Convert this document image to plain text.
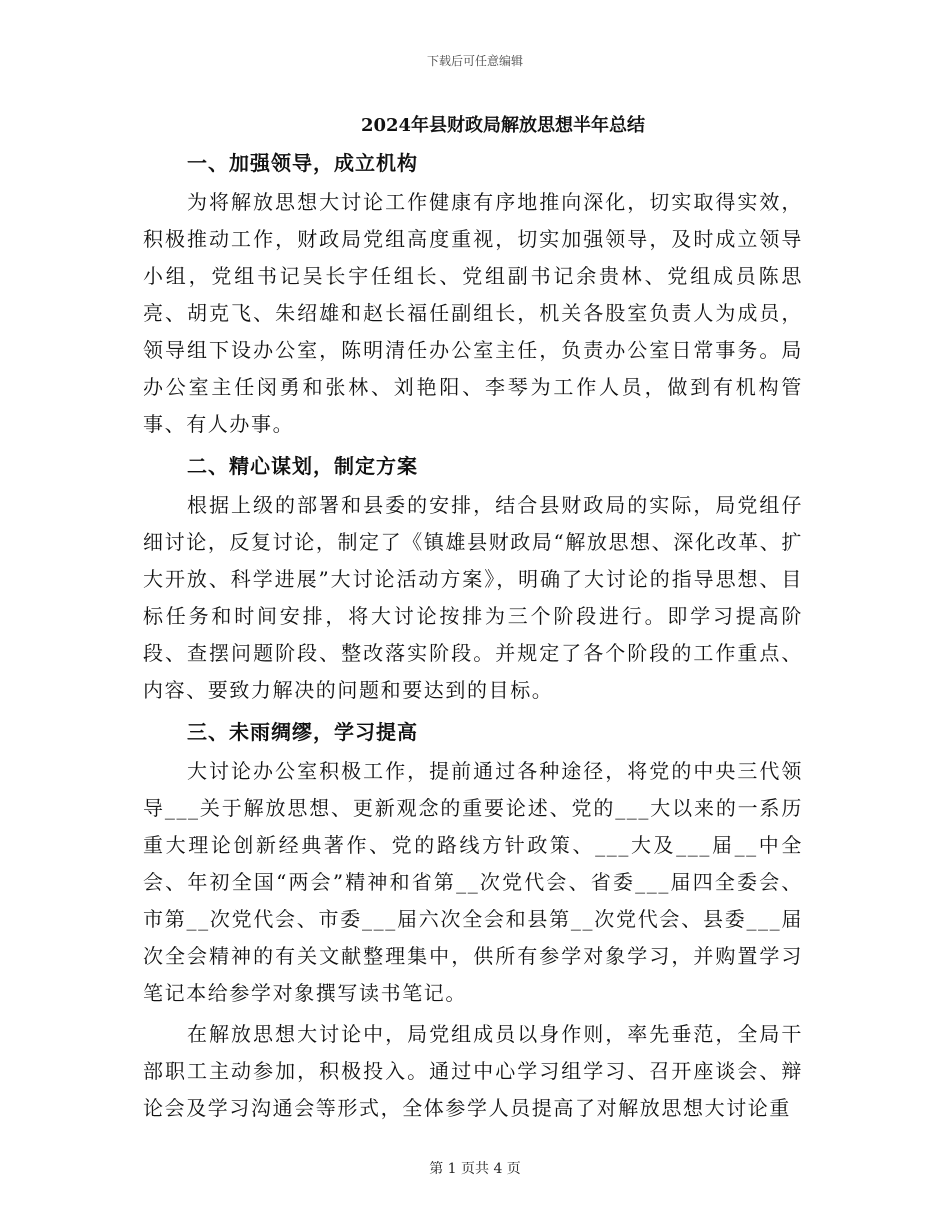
下载后可任意编辑
2024年县财政局解放思想半年总结
一、加强领导，成立机构

为将解放思想大讨论工作健康有序地推向深化，切实取得实效，积极推动工作，财政局党组高度重视，切实加强领导，及时成立领导小组，党组书记吴长宇任组长、党组副书记余贵林、党组成员陈思亮、胡克飞、朱绍雄和赵长福任副组长，机关各股室负责人为成员，领导组下设办公室，陈明清任办公室主任，负责办公室日常事务。局办公室主任闵勇和张林、刘艳阳、李琴为工作人员，做到有机构管事、有人办事。

二、精心谋划，制定方案

根据上级的部署和县委的安排，结合县财政局的实际，局党组仔细讨论，反复讨论，制定了《镇雄县财政局“解放思想、深化改革、扩大开放、科学进展”大讨论活动方案》，明确了大讨论的指导思想、目标任务和时间安排，将大讨论按排为三个阶段进行。即学习提高阶段、查摆问题阶段、整改落实阶段。并规定了各个阶段的工作重点、内容、要致力解决的问题和要达到的目标。

三、未雨绸缪，学习提高

大讨论办公室积极工作，提前通过各种途径，将党的中央三代领导___关于解放思想、更新观念的重要论述、党的___大以来的一系历重大理论创新经典著作、党的路线方针政策、___大及___届__中全会、年初全国“两会”精神和省第__次党代会、省委___届四全委会、市第__次党代会、市委___届六次全会和县第__次党代会、县委___届次全会精神的有关文献整理集中，供所有参学对象学习，并购置学习笔记本给参学对象撰写读书笔记。

在解放思想大讨论中，局党组成员以身作则，率先垂范，全局干部职工主动参加，积极投入。通过中心学习组学习、召开座谈会、辩论会及学习沟通会等形式，全体参学人员提高了对解放思想大讨论重

第 1 页共 4 页
